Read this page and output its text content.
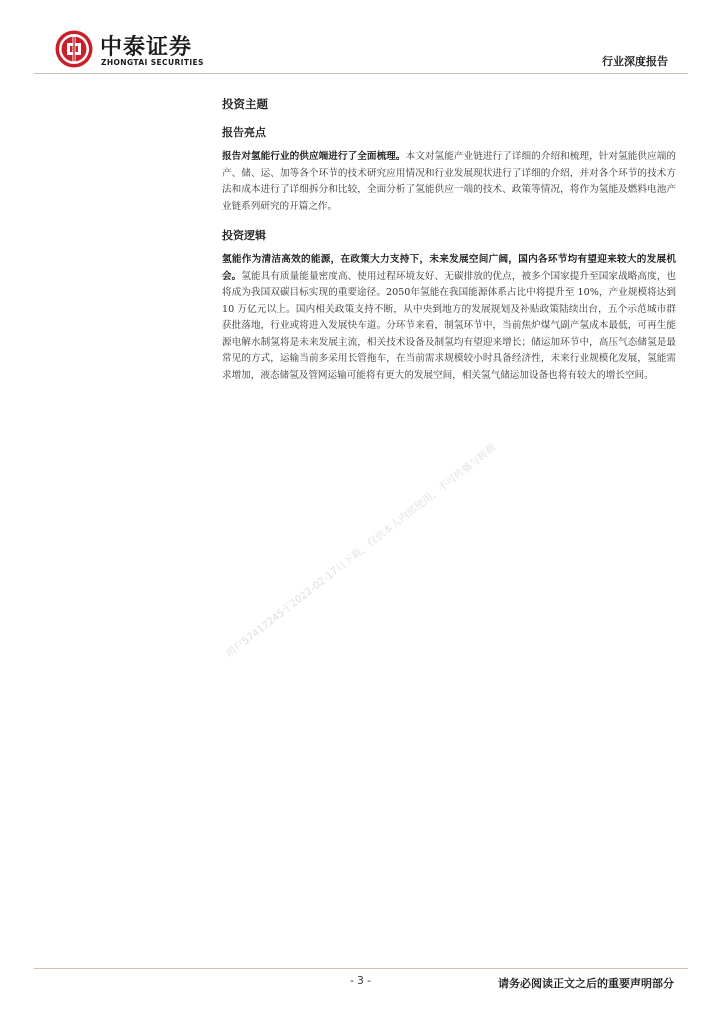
中泰证券
ZHONGTAI SECURITIES	行业深度报告
投资主题
报告亮点

报告对氢能行业的供应端进行了全面梳理。本文对氢能产业链进行了详细的介绍和梳理，针对氢能供应端的产、储、运、加等各个环节的技术研究应用情况和行业发展现状进行了详细的介绍，并对各个环节的技术方法和成本进行了详细拆分和比较，全面分析了氢能供应一端的技术、政策等情况，将作为氢能及燃料电池产业链系列研究的开篇之作。

投资逻辑

氢能作为清洁高效的能源，在政策大力支持下，未来发展空间广阔，国内各环节均有望迎来较大的发展机会。氢能具有质量能量密度高、使用过程环境友好、无碳排放的优点，被多个国家提升至国家战略高度，也将成为我国双碳目标实现的重要途径。2050年氢能在我国能源体系占比中将提升至 10%，产业规模将达到 10 万亿元以上。国内相关政策支持不断，从中央到地方的发展规划及补贴政策陆续出台，五个示范城市群获批落地，行业或将进入发展快车道。分环节来看，制氢环节中，当前焦炉煤气副产氢成本最低，可再生能源电解水制氢将是未来发展主流，相关技术设备及制氢均有望迎来增长；储运加环节中，高压气态储氢是最常见的方式，运输当前多采用长管拖车，在当前需求规模较小时具备经济性，未来行业规模化发展，氢能需求增加，液态储氢及管网运输可能将有更大的发展空间，相关氢气储运加设备也将有较大的增长空间。

用户57417245于2022-02-17日下载，仅供本人内部使用，不可传播与转载
- 3 -	请务必阅读正文之后的重要声明部分
